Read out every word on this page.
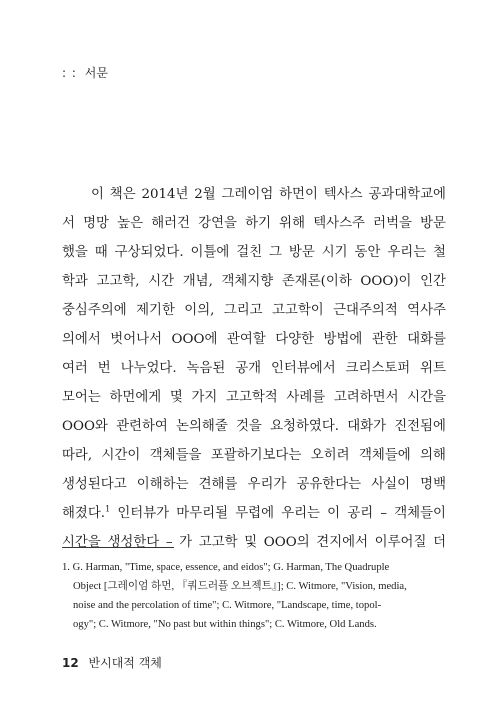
: : 서문
이 책은 2014년 2월 그레이엄 하먼이 텍사스 공과대학교에
서 명망 높은 해러건 강연을 하기 위해 텍사스주 러벅을 방문
했을 때 구상되었다. 이틀에 걸친 그 방문 시기 동안 우리는 철
학과 고고학, 시간 개념, 객체지향 존재론(이하 OOO)이 인간
중심주의에 제기한 이의, 그리고 고고학이 근대주의적 역사주
의에서 벗어나서 OOO에 관여할 다양한 방법에 관한 대화를
여러 번 나누었다. 녹음된 공개 인터뷰에서 크리스토퍼 위트
모어는 하먼에게 몇 가지 고고학적 사례를 고려하면서 시간을
OOO와 관련하여 논의해줄 것을 요청하였다. 대화가 진전됨에
따라, 시간이 객체들을 포괄하기보다는 오히려 객체들에 의해
생성된다고 이해하는 견해를 우리가 공유한다는 사실이 명백
해졌다.$^1$ 인터뷰가 마무리될 무렵에 우리는 이 공리 – 객체들이
시간을 생성한다 – 가 고고학 및 OOO의 견지에서 이루어질 더
1. G. Harman, "Time, space, essence, and eidos"; G. Harman, The Quadruple
Object [그레이엄 하먼, 『쿼드러플 오브젝트』]; C. Witmore, "Vision, media,
noise and the percolation of time"; C. Witmore, "Landscape, time, topol-
ogy"; C. Witmore, "No past but within things"; C. Witmore, Old Lands.
12 반시대적 객체
